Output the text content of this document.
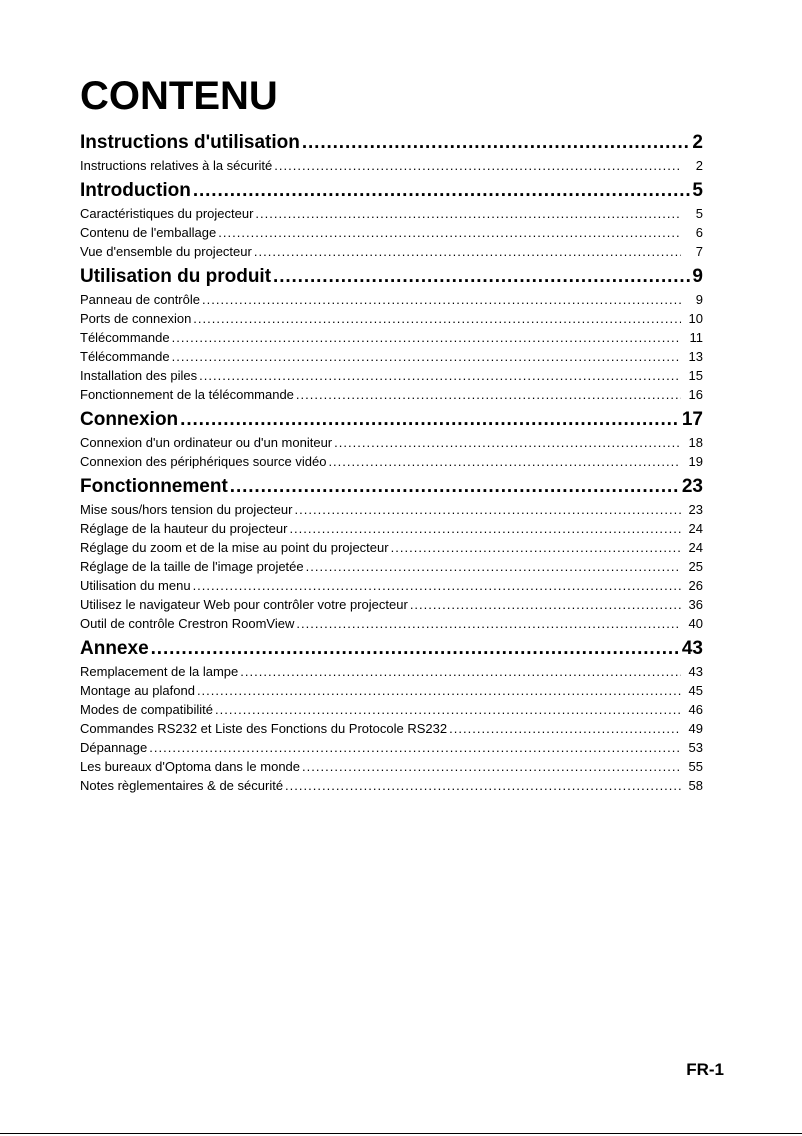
CONTENU
Instructions d'utilisation . . .	2
Instructions relatives à la sécurité . . .	2
Introduction . . .	5
Caractéristiques du projecteur . . .	5
Contenu de l'emballage . . .	6
Vue d'ensemble du projecteur . . .	7
Utilisation du produit . . .	9
Panneau de contrôle . . .	9
Ports de connexion . . .	10
Télécommande . . .	11
Télécommande . . .	13
Installation des piles . . .	15
Fonctionnement de la télécommande . . .	16
Connexion . . .	17
Connexion d'un ordinateur ou d'un moniteur . . .	18
Connexion des périphériques source vidéo . . .	19
Fonctionnement . . .	23
Mise sous/hors tension du projecteur . . .	23
Réglage de la hauteur du projecteur . . .	24
Réglage du zoom et de la mise au point du projecteur . . .	24
Réglage de la taille de l'image projetée . . .	25
Utilisation du menu . . .	26
Utilisez le navigateur Web pour contrôler votre projecteur . . .	36
Outil de contrôle Crestron RoomView . . .	40
Annexe . . .	43
Remplacement de la lampe . . .	43
Montage au plafond . . .	45
Modes de compatibilité . . .	46
Commandes RS232 et Liste des Fonctions du Protocole RS232 . . .	49
Dépannage . . .	53
Les bureaux d'Optoma dans le monde . . .	55
Notes règlementaires & de sécurité . . .	58
FR-1
